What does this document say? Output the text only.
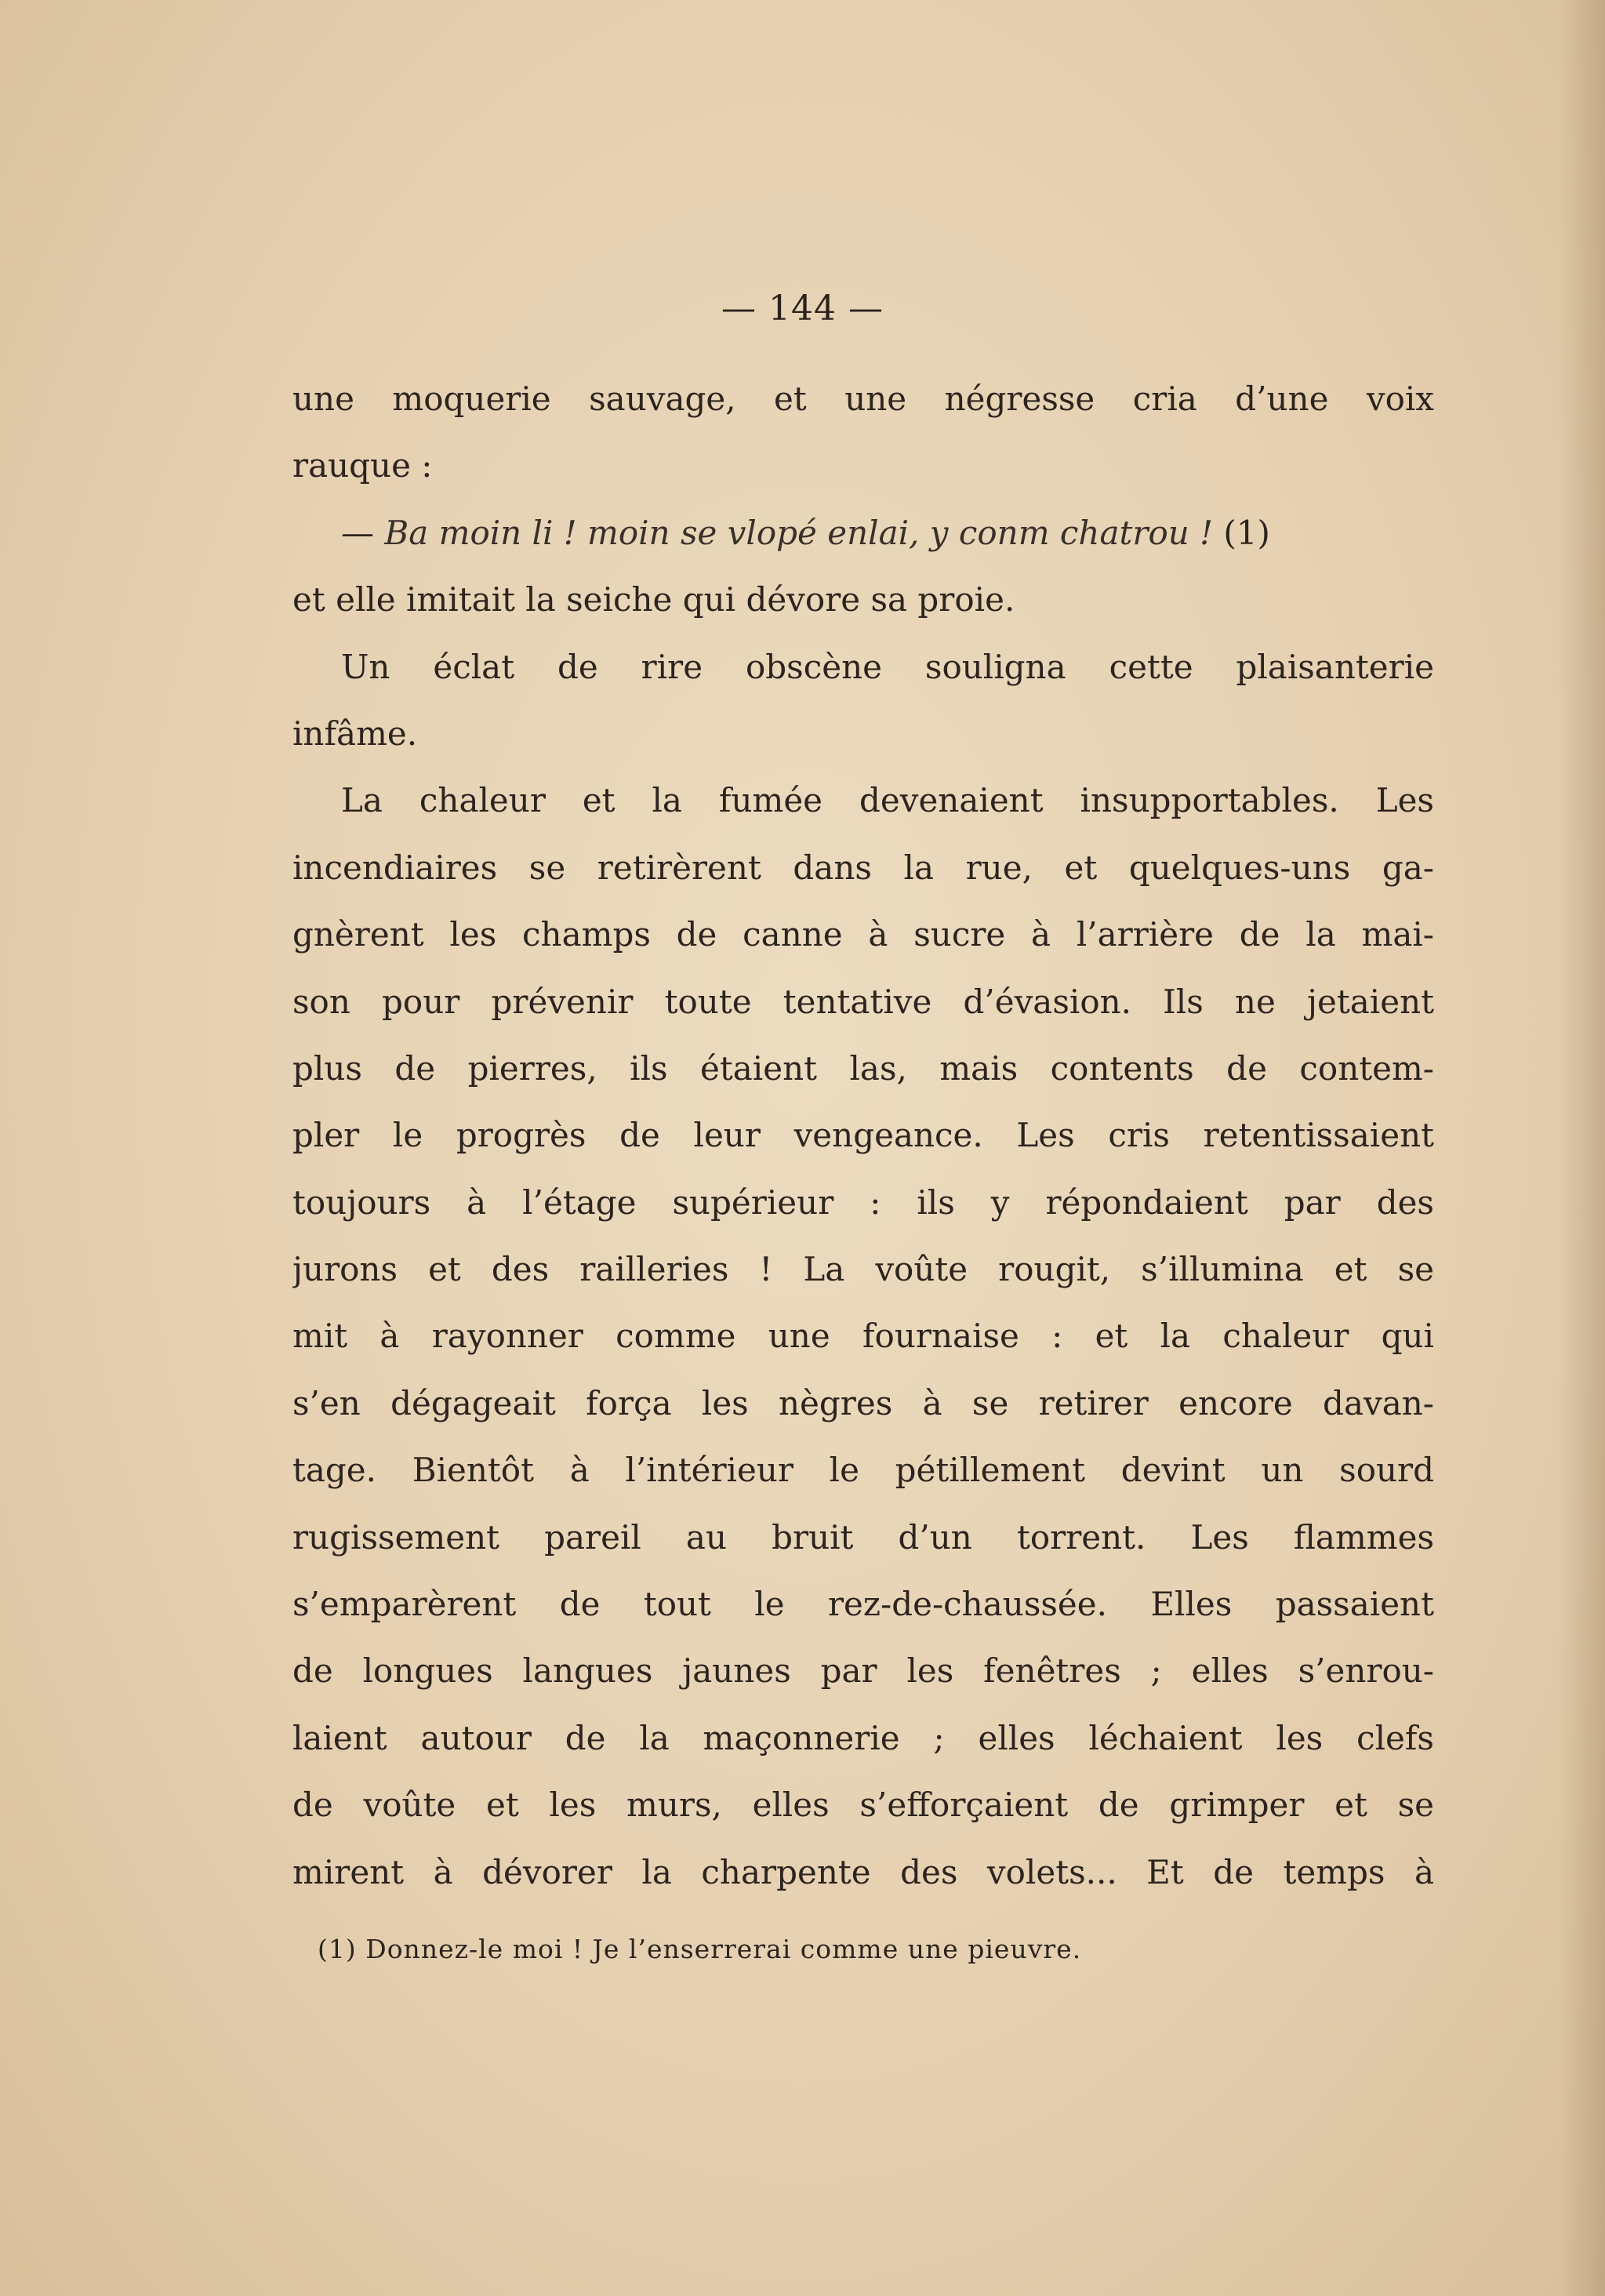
— 144 —
une moquerie sauvage, et une négresse cria d’une voix
rauque :
— Ba moin li ! moin se vlopé enlai, y conm chatrou ! (1)
et elle imitait la seiche qui dévore sa proie.
Un éclat de rire obscène souligna cette plaisanterie
infâme.
La chaleur et la fumée devenaient insupportables. Les
incendiaires se retirèrent dans la rue, et quelques-uns ga-
gnèrent les champs de canne à sucre à l’arrière de la mai-
son pour prévenir toute tentative d’évasion. Ils ne jetaient
plus de pierres, ils étaient las, mais contents de contem-
pler le progrès de leur vengeance. Les cris retentissaient
toujours à l’étage supérieur : ils y répondaient par des
jurons et des railleries ! La voûte rougit, s’illumina et se
mit à rayonner comme une fournaise : et la chaleur qui
s’en dégageait força les nègres à se retirer encore davan-
tage. Bientôt à l’intérieur le pétillement devint un sourd
rugissement pareil au bruit d’un torrent. Les flammes
s’emparèrent de tout le rez-de-chaussée. Elles passaient
de longues langues jaunes par les fenêtres ; elles s’enrou-
laient autour de la maçonnerie ; elles léchaient les clefs
de voûte et les murs, elles s’efforçaient de grimper et se
mirent à dévorer la charpente des volets... Et de temps à
(1) Donnez-le moi ! Je l’enserrerai comme une pieuvre.
